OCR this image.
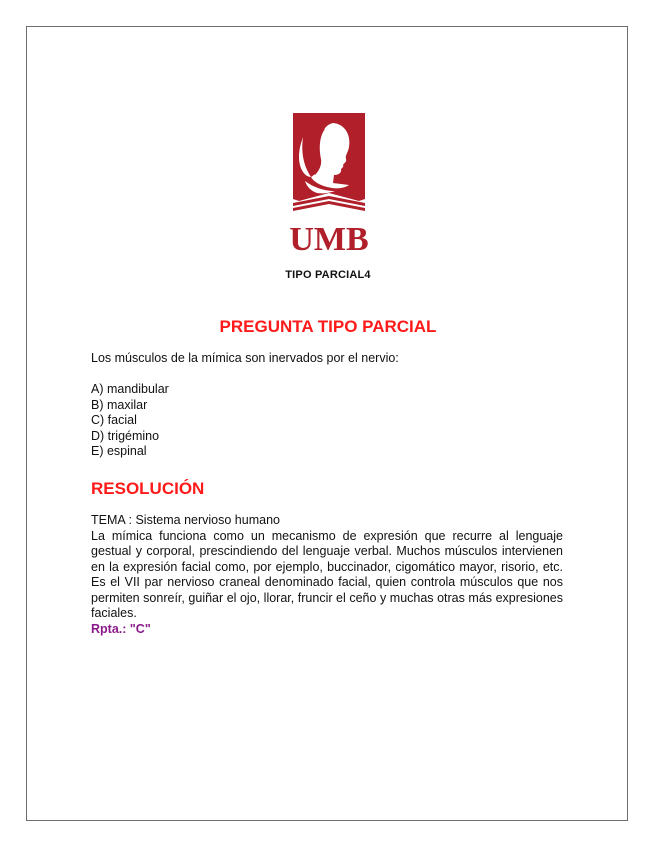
UMB
TIPO PARCIAL4
PREGUNTA TIPO PARCIAL
Los músculos de la mímica son inervados por el nervio:
A) mandibular
B) maxilar
C) facial
D) trigémino
E) espinal
RESOLUCIÓN

TEMA : Sistema nervioso humano

La mímica funciona como un mecanismo de expresión que recurre al lenguaje gestual y corporal, prescindiendo del lenguaje verbal. Muchos músculos intervienen en la expresión facial como, por ejemplo, buccinador, cigomático mayor, risorio, etc. Es el VII par nervioso craneal denominado facial, quien controla músculos que nos permiten sonreír, guiñar el ojo, llorar, fruncir el ceño y muchas otras más expresiones faciales.

Rpta.: "C"
